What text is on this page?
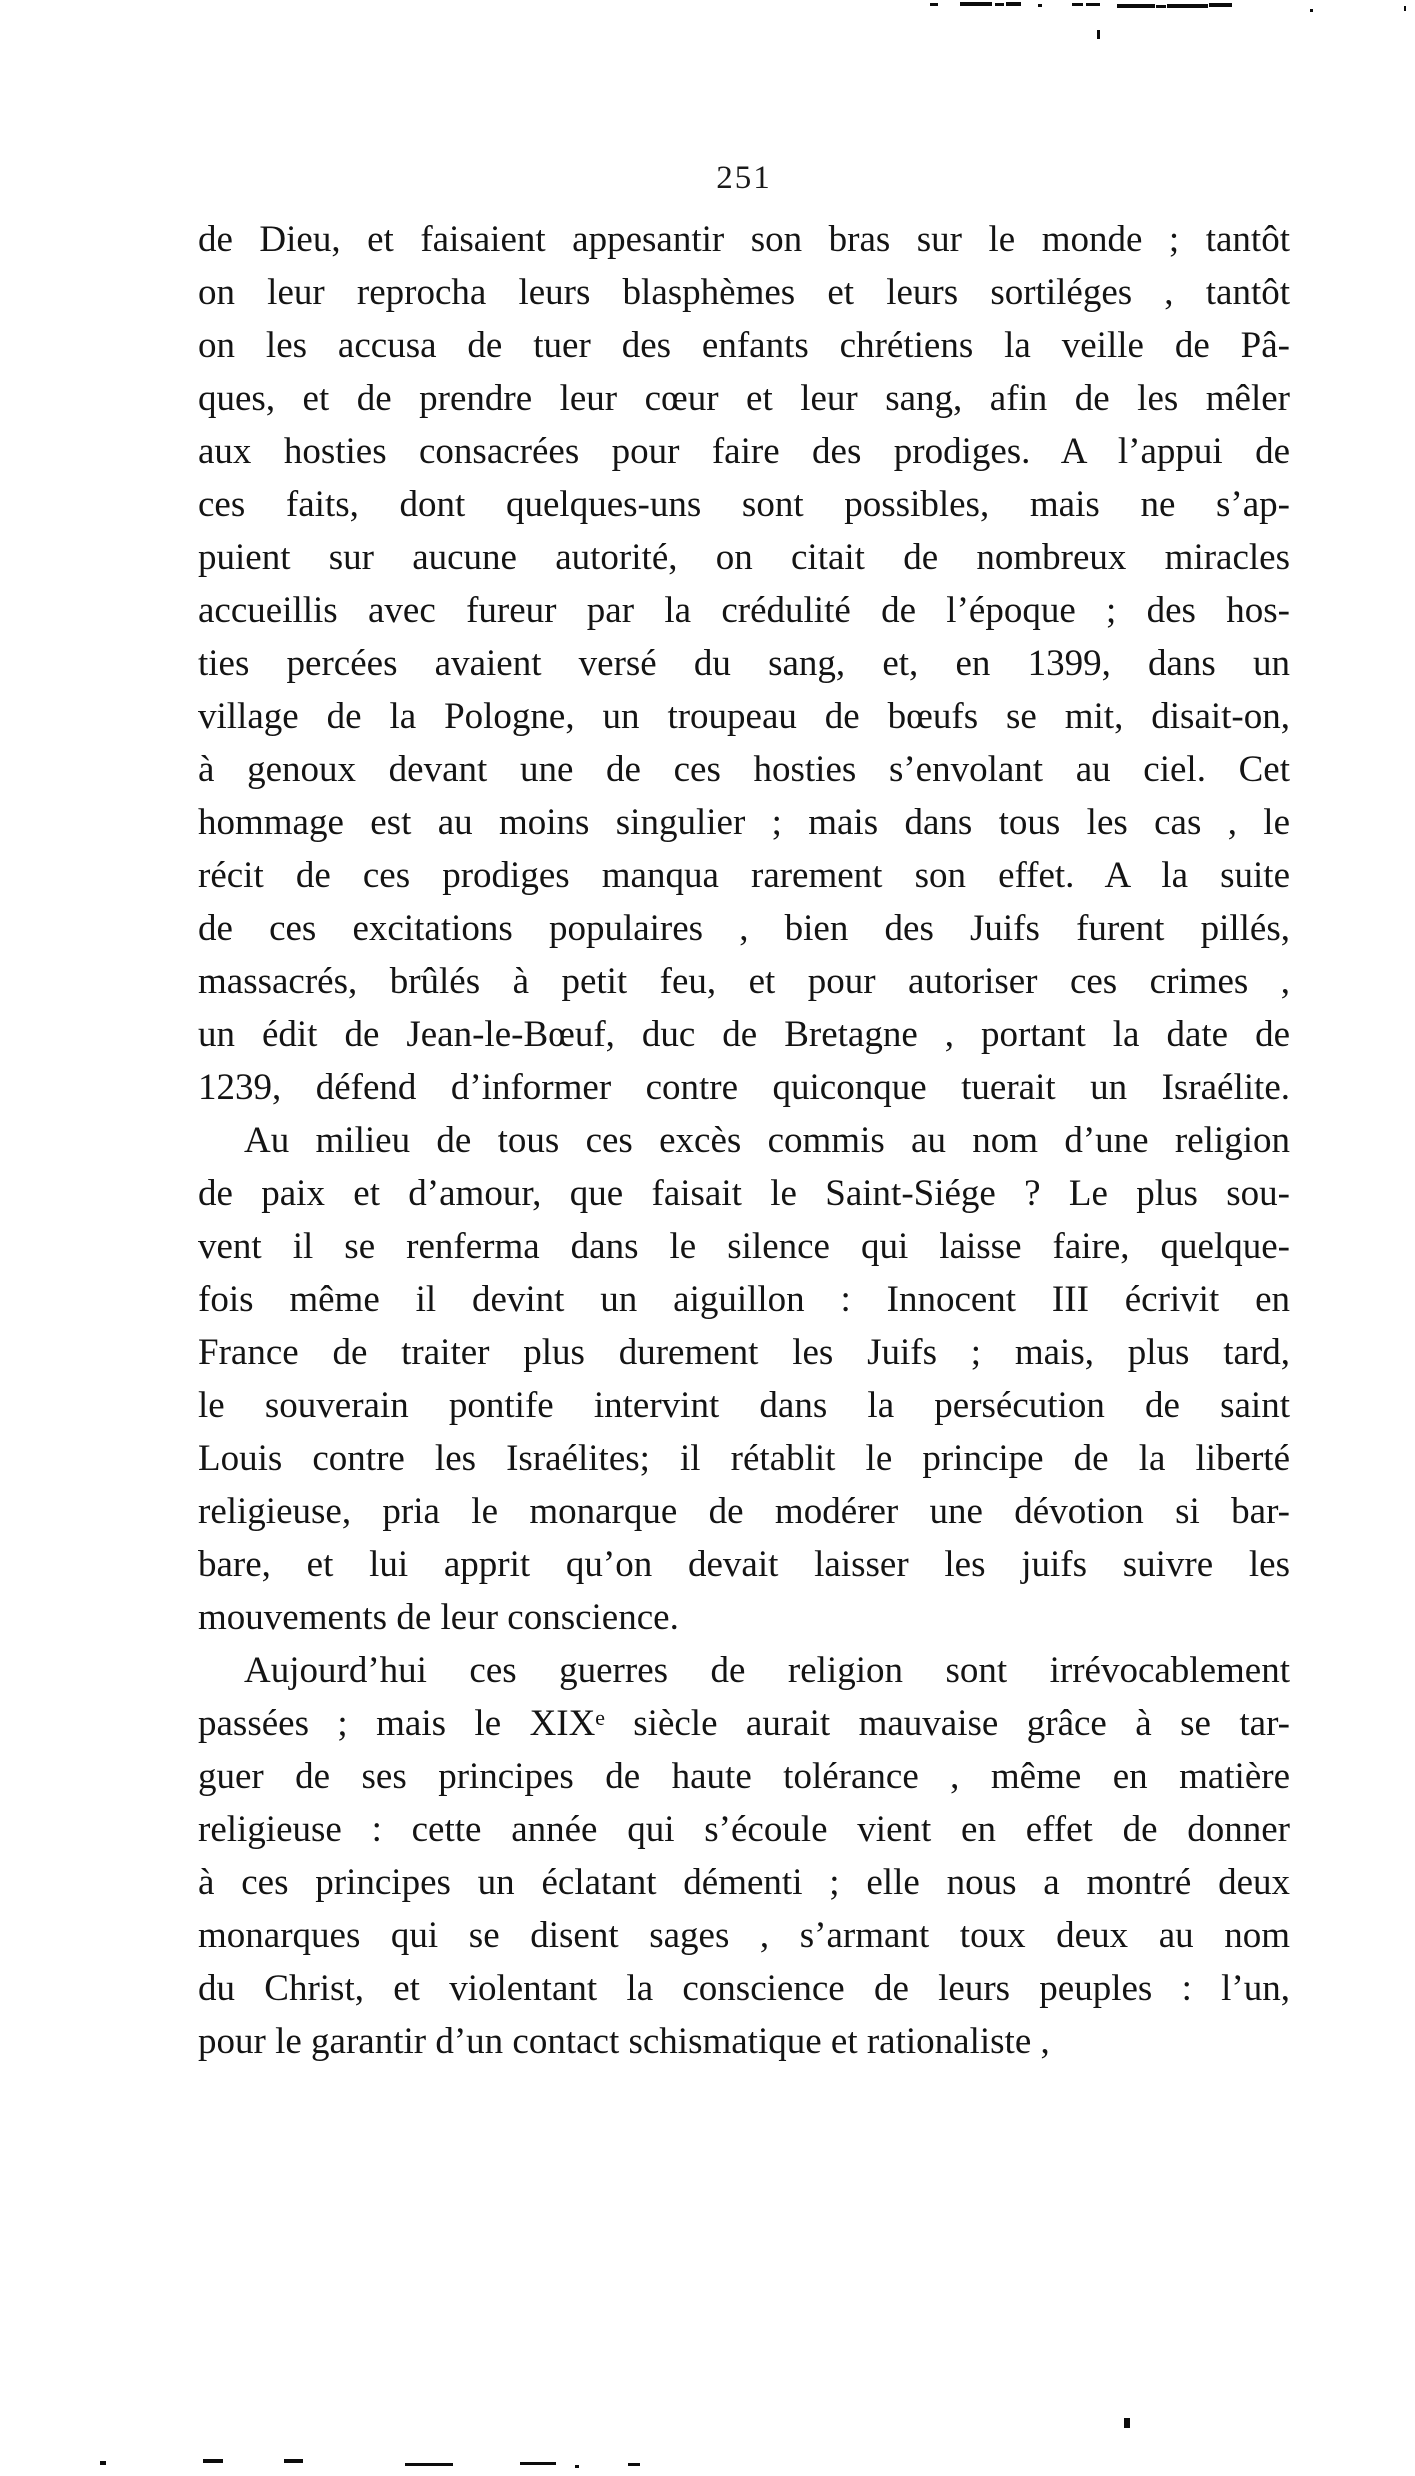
251
de Dieu, et faisaient appesantir son bras sur le monde ; tantôt
on leur reprocha leurs blasphèmes et leurs sortiléges , tantôt
on les accusa de tuer des enfants chrétiens la veille de Pâ-
ques, et de prendre leur cœur et leur sang, afin de les mêler
aux hosties consacrées pour faire des prodiges. A l’appui de
ces faits, dont quelques-uns sont possibles, mais ne s’ap-
puient sur aucune autorité, on citait de nombreux miracles
accueillis avec fureur par la crédulité de l’époque ; des hos-
ties percées avaient versé du sang, et, en 1399, dans un
village de la Pologne, un troupeau de bœufs se mit, disait-on,
à genoux devant une de ces hosties s’envolant au ciel. Cet
hommage est au moins singulier ; mais dans tous les cas , le
récit de ces prodiges manqua rarement son effet. A la suite
de ces excitations populaires , bien des Juifs furent pillés,
massacrés, brûlés à petit feu, et pour autoriser ces crimes ,
un édit de Jean-le-Bœuf, duc de Bretagne , portant la date de
1239, défend d’informer contre quiconque tuerait un Israélite.
Au milieu de tous ces excès commis au nom d’une religion
de paix et d’amour, que faisait le Saint-Siége ? Le plus sou-
vent il se renferma dans le silence qui laisse faire, quelque-
fois même il devint un aiguillon : Innocent III écrivit en
France de traiter plus durement les Juifs ; mais, plus tard,
le souverain pontife intervint dans la persécution de saint
Louis contre les Israélites; il rétablit le principe de la liberté
religieuse, pria le monarque de modérer une dévotion si bar-
bare, et lui apprit qu’on devait laisser les juifs suivre les
mouvements de leur conscience.
Aujourd’hui ces guerres de religion sont irrévocablement
passées ; mais le XIXᵉ siècle aurait mauvaise grâce à se tar-
guer de ses principes de haute tolérance , même en matière
religieuse : cette année qui s’écoule vient en effet de donner
à ces principes un éclatant démenti ; elle nous a montré deux
monarques qui se disent sages , s’armant toux deux au nom
du Christ, et violentant la conscience de leurs peuples : l’un,
pour le garantir d’un contact schismatique et rationaliste ,
